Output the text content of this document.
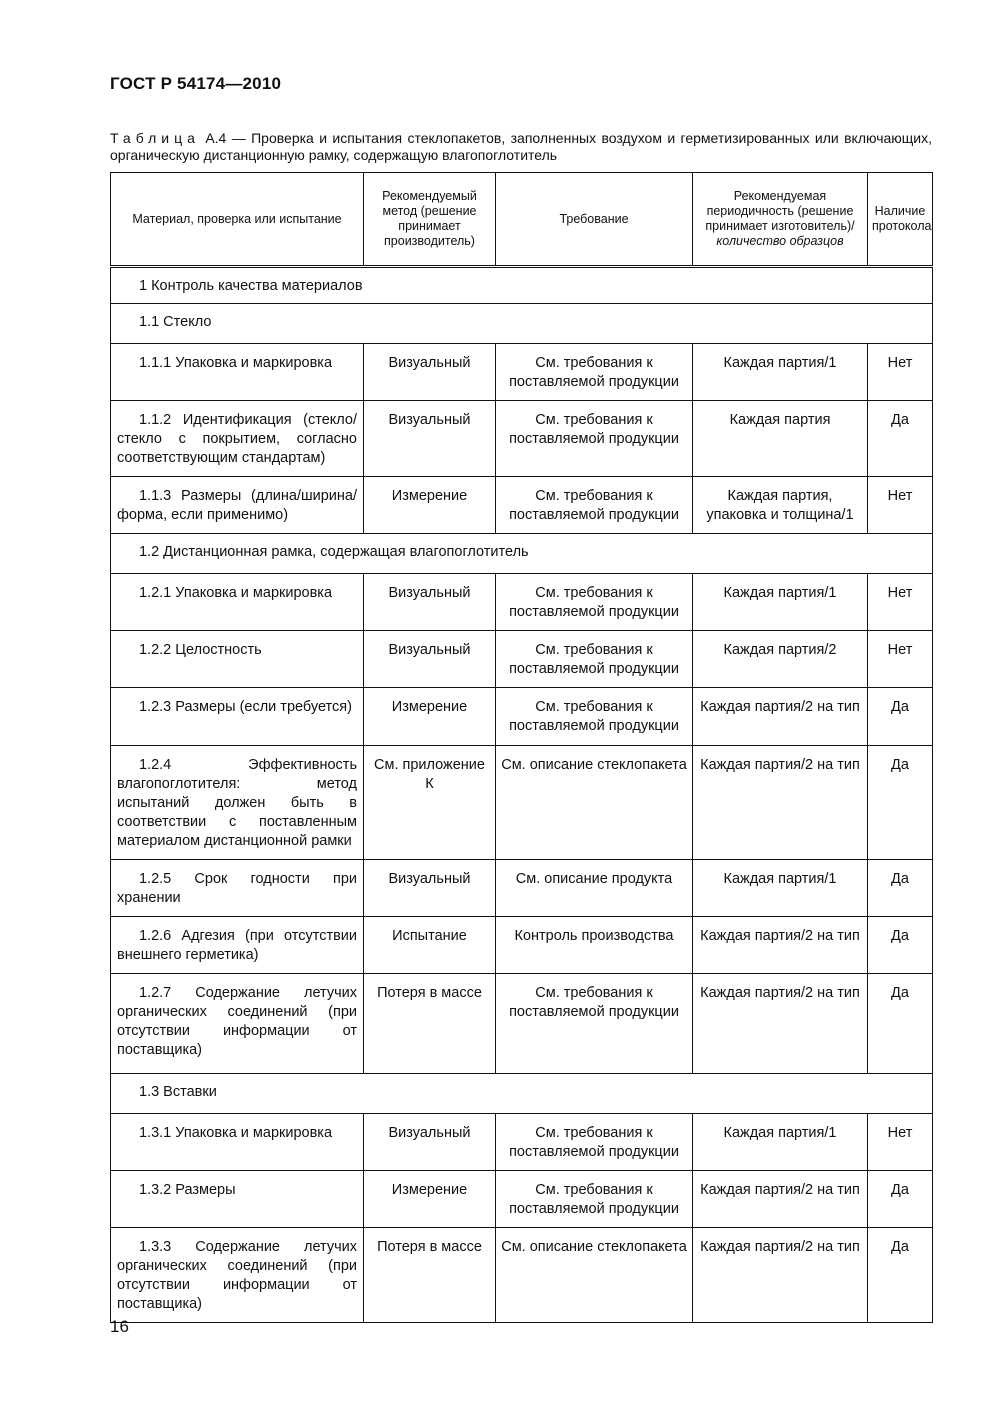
ГОСТ Р 54174—2010
Таблица А.4 — Проверка и испытания стеклопакетов, заполненных воздухом и герметизированных или включающих, органическую дистанционную рамку, содержащую влагопоглотитель
Материал, проверка или испытание	Рекомендуемый метод (решение принимает производитель)	Требование	Рекомендуемая периодичность (решение принимает изготовитель)/количество образцов	Наличие протокола
1 Контроль качества материалов				
1.1 Стекло				
1.1.1 Упаковка и маркировка	Визуальный	См. требования к поставляемой продукции	Каждая партия/1	Нет
1.1.2 Идентификация (стекло/стекло с покрытием, согласно соответствующим стандартам)	Визуальный	См. требования к поставляемой продукции	Каждая партия	Да
1.1.3 Размеры (длина/ширина/форма, если применимо)	Измерение	См. требования к поставляемой продукции	Каждая партия, упаковка и толщина/1	Нет
1.2 Дистанционная рамка, содержащая влагопоглотитель				
1.2.1 Упаковка и маркировка	Визуальный	См. требования к поставляемой продукции	Каждая партия/1	Нет
1.2.2 Целостность	Визуальный	См. требования к поставляемой продукции	Каждая партия/2	Нет
1.2.3 Размеры (если требуется)	Измерение	См. требования к поставляемой продукции	Каждая партия/2 на тип	Да
1.2.4 Эффективность влагопоглотителя: метод испытаний должен быть в соответствии с поставленным материалом дистанционной рамки	См. приложение К	См. описание стеклопакета	Каждая партия/2 на тип	Да
1.2.5 Срок годности при хранении	Визуальный	См. описание продукта	Каждая партия/1	Да
1.2.6 Адгезия (при отсутствии внешнего герметика)	Испытание	Контроль производства	Каждая партия/2 на тип	Да
1.2.7 Содержание летучих органических соединений (при отсутствии информации от поставщика)	Потеря в массе	См. требования к поставляемой продукции	Каждая партия/2 на тип	Да
1.3 Вставки				
1.3.1 Упаковка и маркировка	Визуальный	См. требования к поставляемой продукции	Каждая партия/1	Нет
1.3.2 Размеры	Измерение	См. требования к поставляемой продукции	Каждая партия/2 на тип	Да
1.3.3 Содержание летучих органических соединений (при отсутствии информации от поставщика)	Потеря в массе	См. описание стеклопакета	Каждая партия/2 на тип	Да
16
